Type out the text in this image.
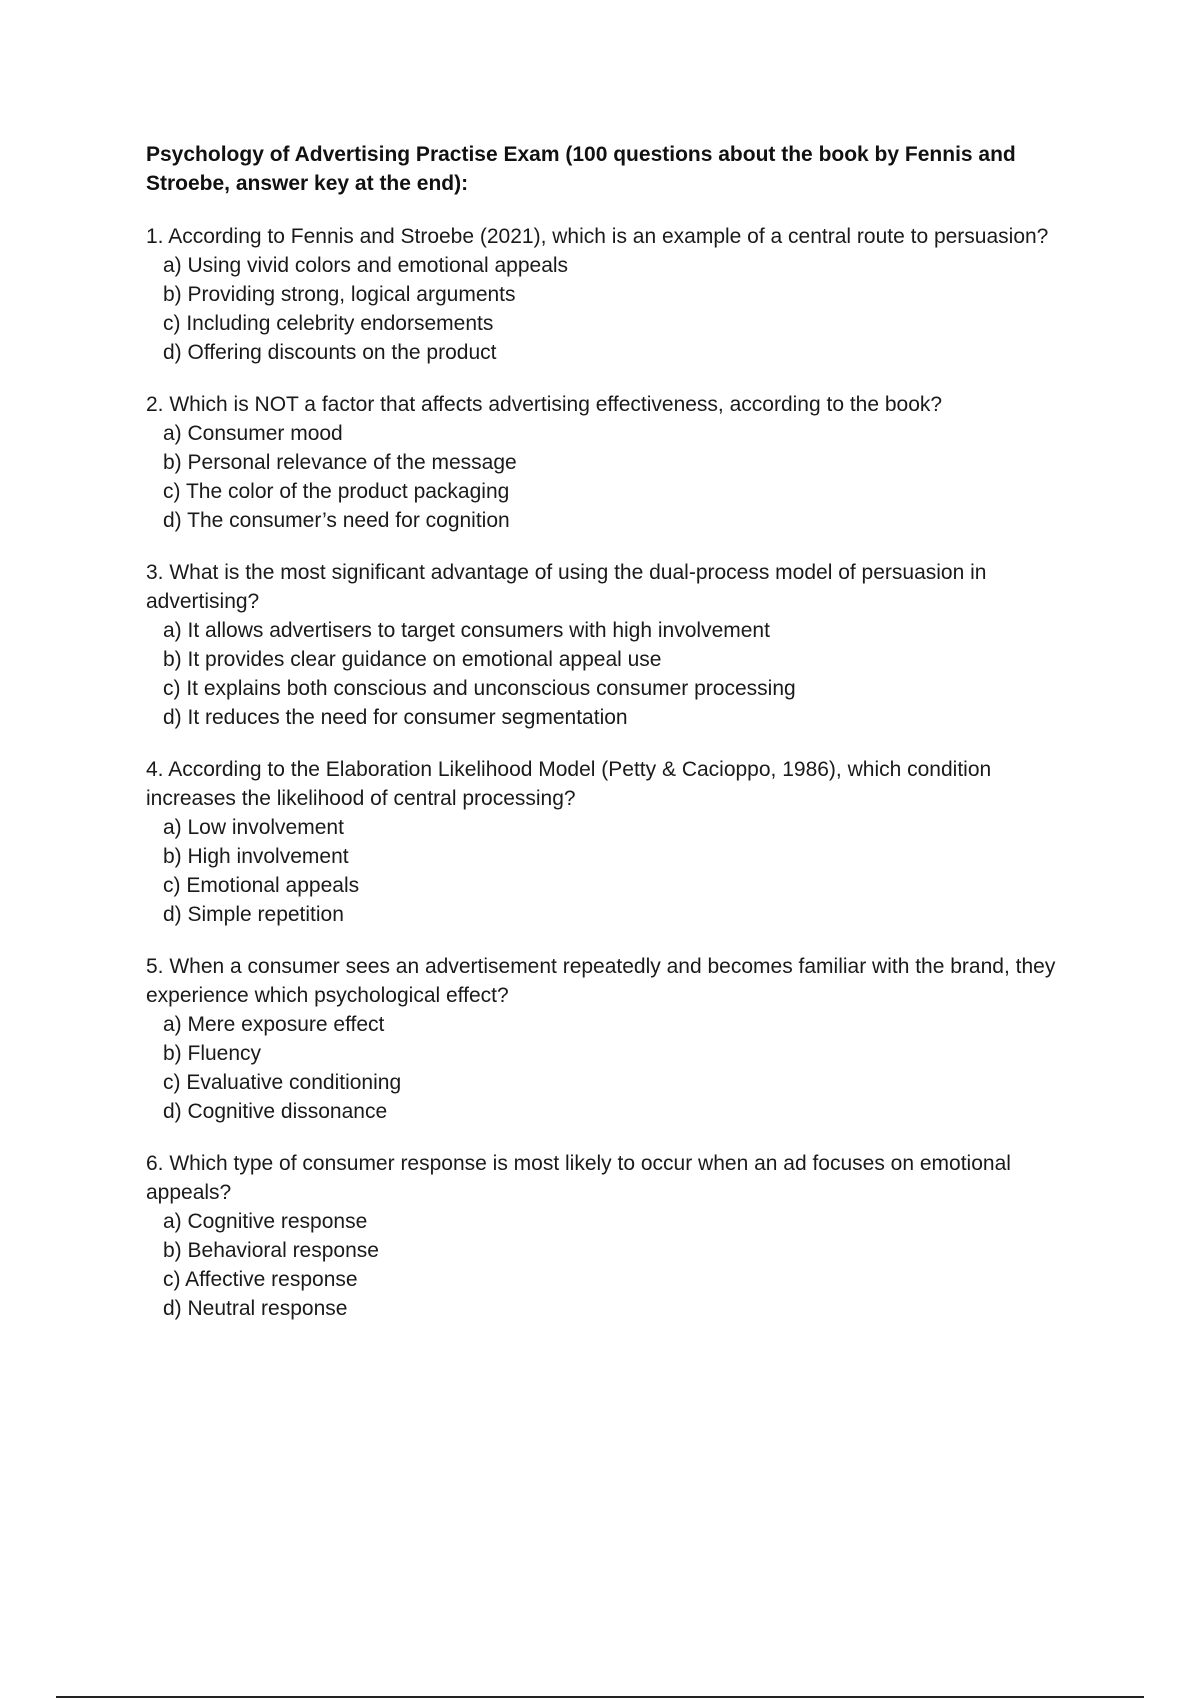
Psychology of Advertising Practise Exam (100 questions about the book by Fennis and Stroebe, answer key at the end):

1. According to Fennis and Stroebe (2021), which is an example of a central route to persuasion?

a) Using vivid colors and emotional appeals
b) Providing strong, logical arguments
c) Including celebrity endorsements
d) Offering discounts on the product

2. Which is NOT a factor that affects advertising effectiveness, according to the book?

a) Consumer mood
b) Personal relevance of the message
c) The color of the product packaging
d) The consumer’s need for cognition

3. What is the most significant advantage of using the dual-process model of persuasion in advertising?

a) It allows advertisers to target consumers with high involvement
b) It provides clear guidance on emotional appeal use
c) It explains both conscious and unconscious consumer processing
d) It reduces the need for consumer segmentation

4. According to the Elaboration Likelihood Model (Petty & Cacioppo, 1986), which condition increases the likelihood of central processing?

a) Low involvement
b) High involvement
c) Emotional appeals
d) Simple repetition

5. When a consumer sees an advertisement repeatedly and becomes familiar with the brand, they experience which psychological effect?

a) Mere exposure effect
b) Fluency
c) Evaluative conditioning
d) Cognitive dissonance

6. Which type of consumer response is most likely to occur when an ad focuses on emotional appeals?

a) Cognitive response
b) Behavioral response
c) Affective response
d) Neutral response
